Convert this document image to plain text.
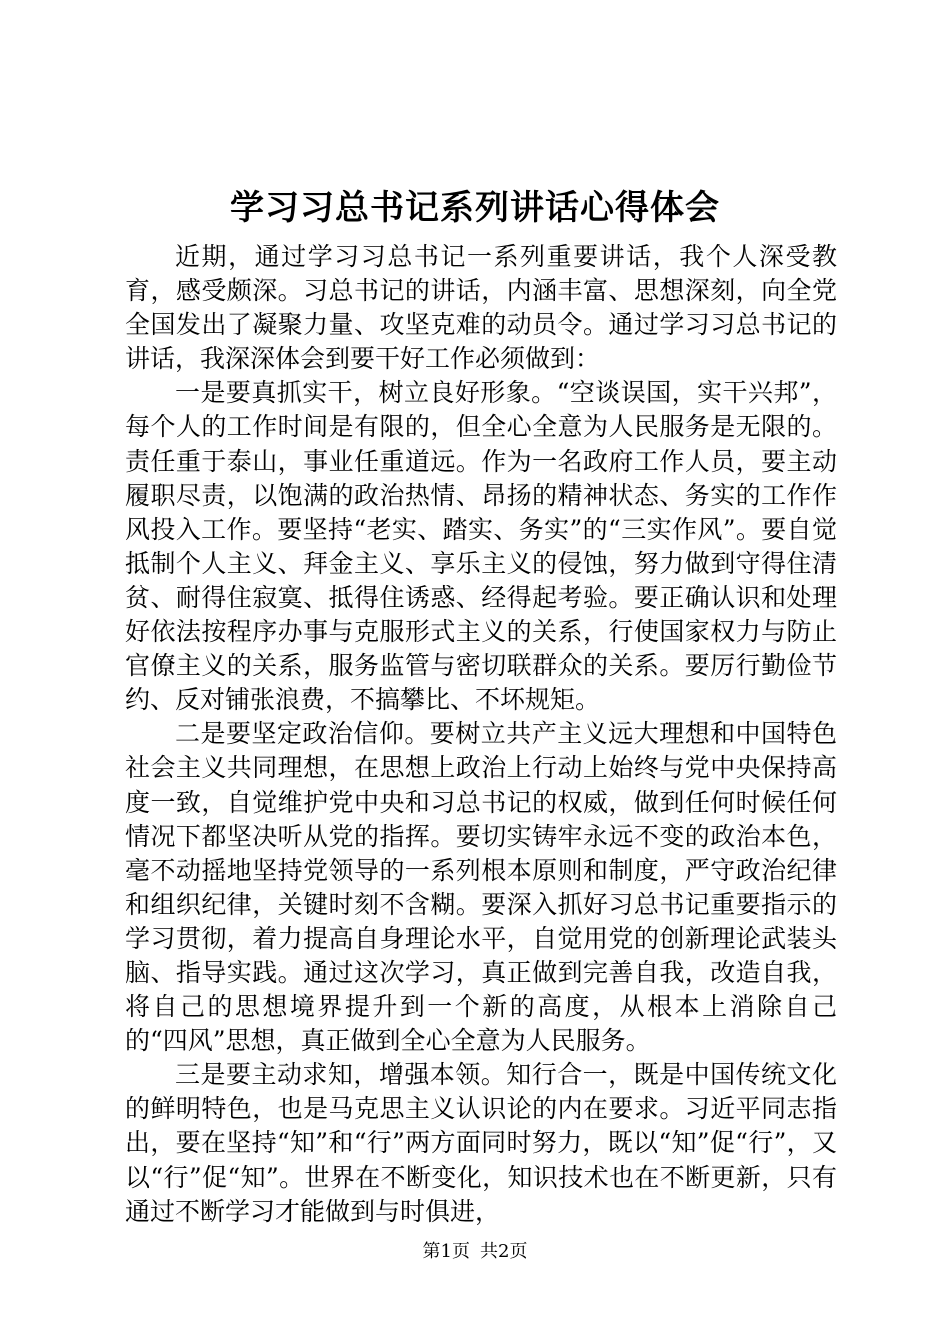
学习习总书记系列讲话心得体会

近期，通过学习习总书记一系列重要讲话，我个人深受教育，感受颇深。习总书记的讲话，内涵丰富、思想深刻，向全党全国发出了凝聚力量、攻坚克难的动员令。通过学习习总书记的讲话，我深深体会到要干好工作必须做到：

一是要真抓实干，树立良好形象。“空谈误国，实干兴邦”，每个人的工作时间是有限的，但全心全意为人民服务是无限的。责任重于泰山，事业任重道远。作为一名政府工作人员，要主动履职尽责，以饱满的政治热情、昂扬的精神状态、务实的工作作风投入工作。要坚持“老实、踏实、务实”的“三实作风”。要自觉抵制个人主义、拜金主义、享乐主义的侵蚀，努力做到守得住清贫、耐得住寂寞、抵得住诱惑、经得起考验。要正确认识和处理好依法按程序办事与克服形式主义的关系，行使国家权力与防止官僚主义的关系，服务监管与密切联群众的关系。要厉行勤俭节约、反对铺张浪费，不搞攀比、不坏规矩。

二是要坚定政治信仰。要树立共产主义远大理想和中国特色社会主义共同理想，在思想上政治上行动上始终与党中央保持高度一致，自觉维护党中央和习总书记的权威，做到任何时候任何情况下都坚决听从党的指挥。要切实铸牢永远不变的政治本色，毫不动摇地坚持党领导的一系列根本原则和制度，严守政治纪律和组织纪律，关键时刻不含糊。要深入抓好习总书记重要指示的学习贯彻，着力提高自身理论水平，自觉用党的创新理论武装头脑、指导实践。通过这次学习，真正做到完善自我，改造自我，将自己的思想境界提升到一个新的高度，从根本上消除自己的“四风”思想，真正做到全心全意为人民服务。

三是要主动求知，增强本领。知行合一，既是中国传统文化的鲜明特色，也是马克思主义认识论的内在要求。习近平同志指出，要在坚持“知”和“行”两方面同时努力，既以“知”促“行”，又以“行”促“知”。世界在不断变化，知识技术也在不断更新，只有通过不断学习才能做到与时俱进，

第1页 共2页
